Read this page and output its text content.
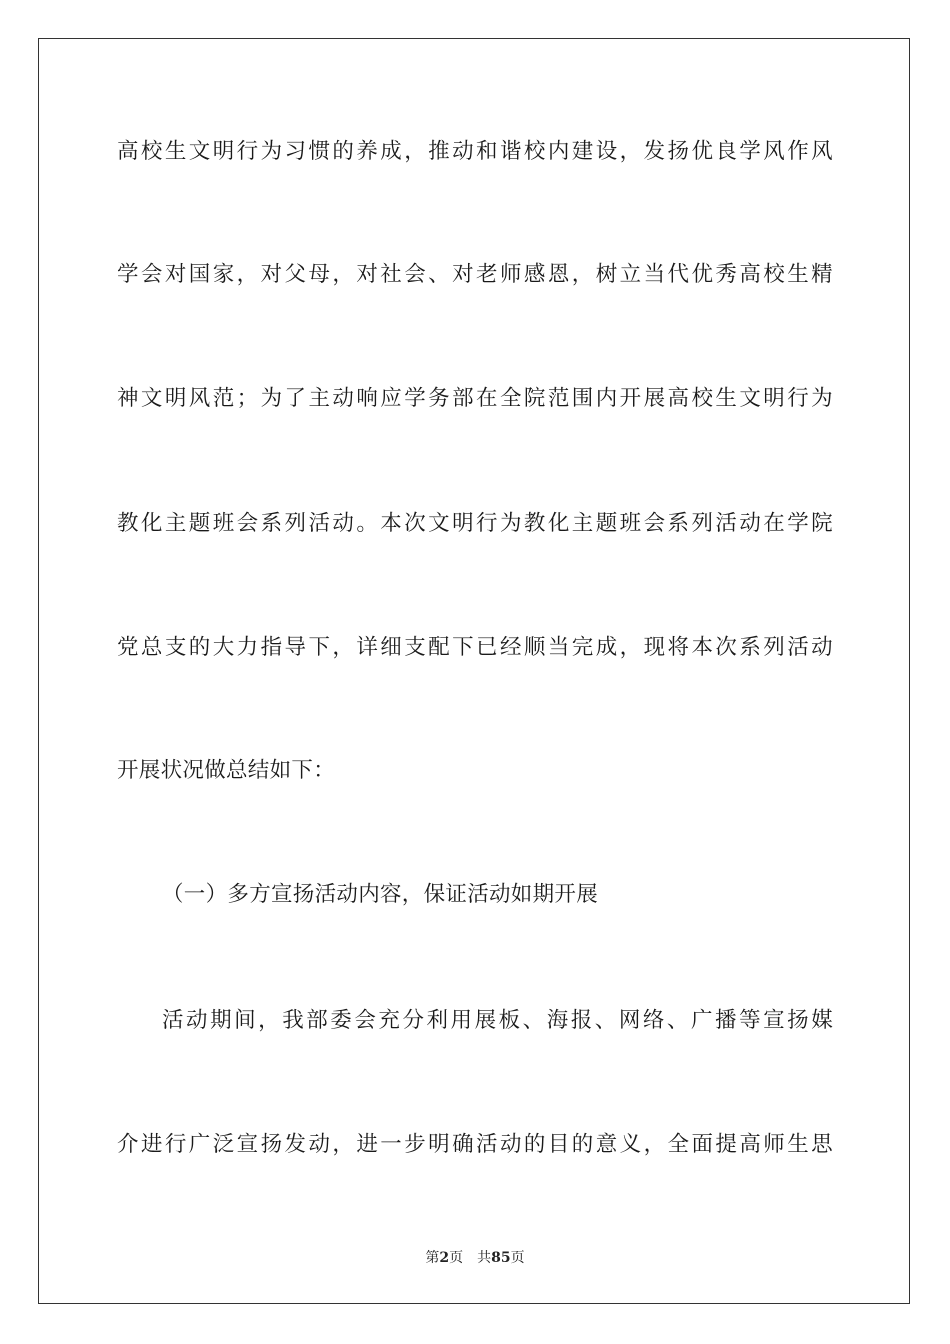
高校生文明行为习惯的养成，推动和谐校内建设，发扬优良学风作风
学会对国家，对父母，对社会、对老师感恩，树立当代优秀高校生精
神文明风范；为了主动响应学务部在全院范围内开展高校生文明行为
教化主题班会系列活动。本次文明行为教化主题班会系列活动在学院
党总支的大力指导下，详细支配下已经顺当完成，现将本次系列活动
开展状况做总结如下：
（一）多方宣扬活动内容，保证活动如期开展
活动期间，我部委会充分利用展板、海报、网络、广播等宣扬媒
介进行广泛宣扬发动，进一步明确活动的目的意义，全面提高师生思
第2页 共85页
